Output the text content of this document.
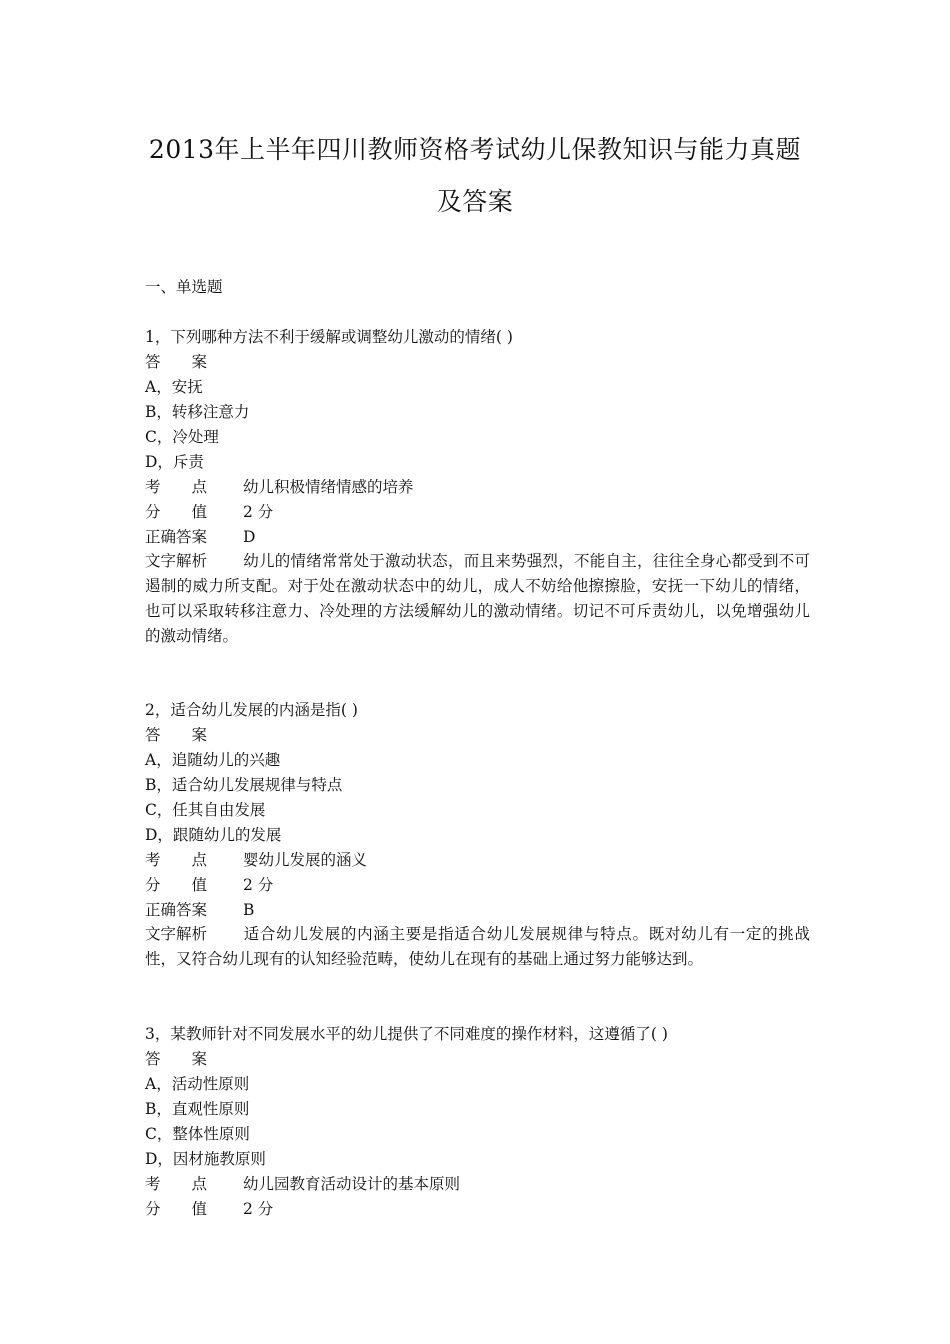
2013年上半年四川教师资格考试幼儿保教知识与能力真题
及答案
一、单选题
1，下列哪种方法不利于缓解或调整幼儿激动的情绪( )
答　　案
A，安抚
B，转移注意力
C，冷处理
D，斥责
考　　点 幼儿积极情绪情感的培养
分　　值 2 分
正确答案 D
文字解析 幼儿的情绪常常处于激动状态，而且来势强烈，不能自主，往往全身心都受到不可遏制的威力所支配。对于处在激动状态中的幼儿，成人不妨给他擦擦脸，安抚一下幼儿的情绪，也可以采取转移注意力、冷处理的方法缓解幼儿的激动情绪。切记不可斥责幼儿，以免增强幼儿的激动情绪。
2，适合幼儿发展的内涵是指( )
答　　案
A，追随幼儿的兴趣
B，适合幼儿发展规律与特点
C，任其自由发展
D，跟随幼儿的发展
考　　点 婴幼儿发展的涵义
分　　值 2 分
正确答案 B
文字解析 适合幼儿发展的内涵主要是指适合幼儿发展规律与特点。既对幼儿有一定的挑战性，又符合幼儿现有的认知经验范畴，使幼儿在现有的基础上通过努力能够达到。
3，某教师针对不同发展水平的幼儿提供了不同难度的操作材料，这遵循了( )
答　　案
A，活动性原则
B，直观性原则
C，整体性原则
D，因材施教原则
考　　点 幼儿园教育活动设计的基本原则
分　　值 2 分
